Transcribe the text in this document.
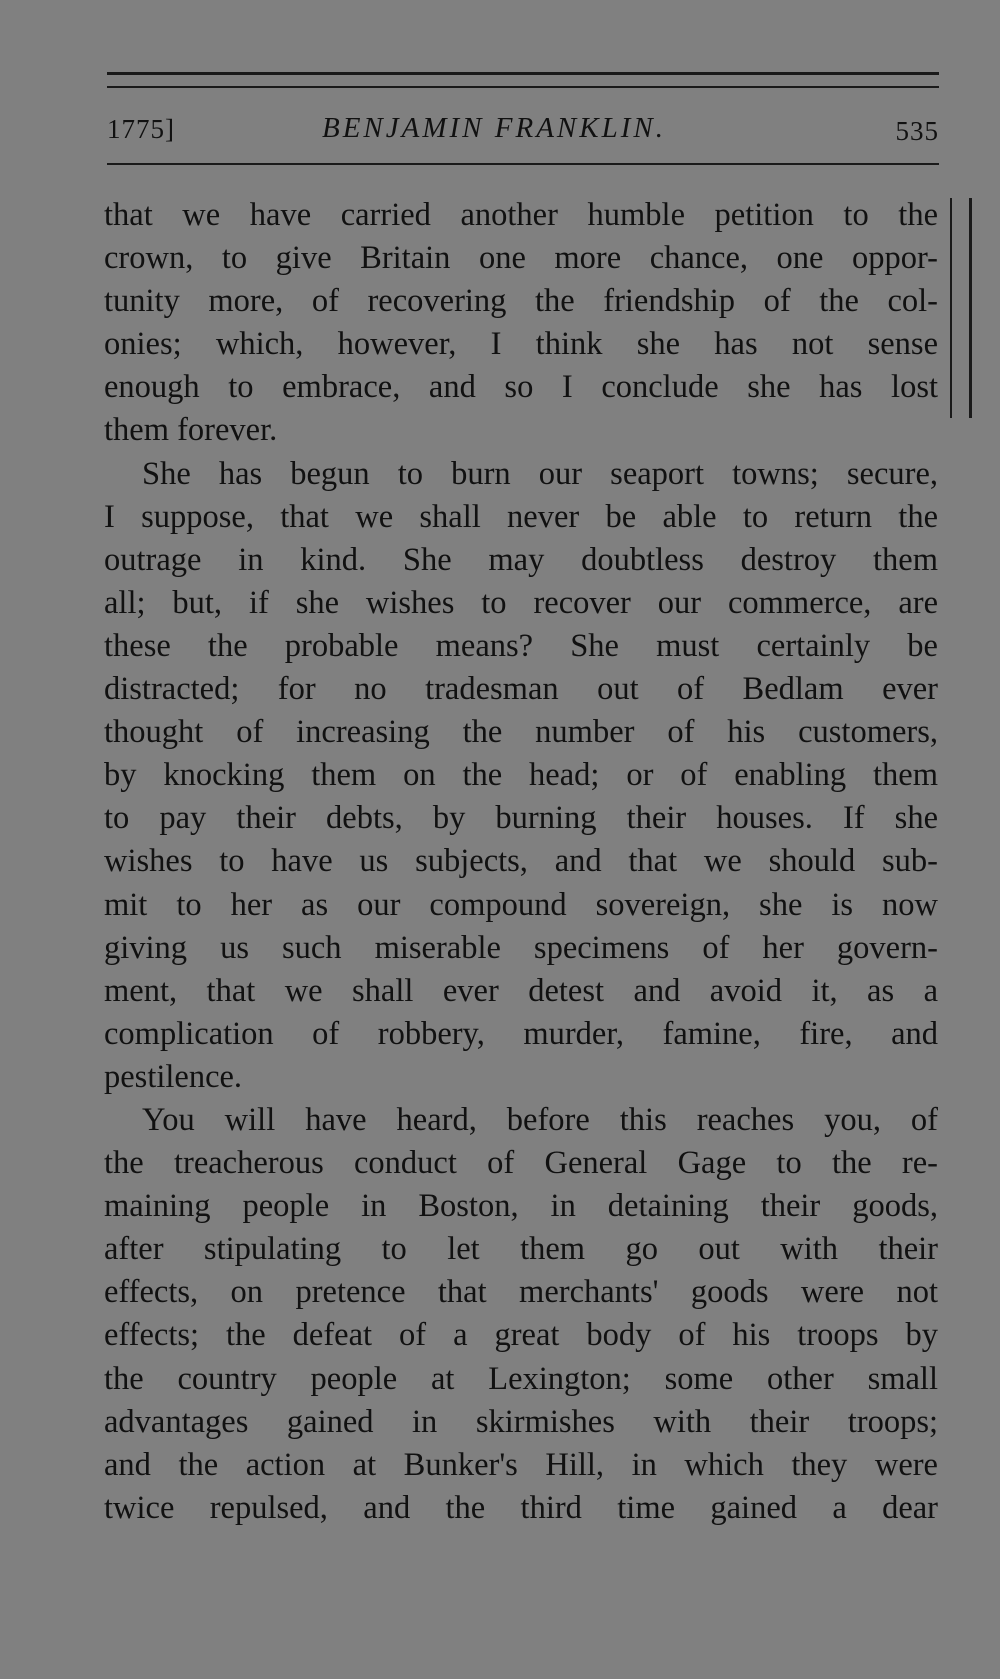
1775]	BENJAMIN FRANKLIN.	535
that we have carried another humble petition to the
crown, to give Britain one more chance, one oppor-
tunity more, of recovering the friendship of the col-
onies; which, however, I think she has not sense
enough to embrace, and so I conclude she has lost
them forever.
She has begun to burn our seaport towns; secure,
I suppose, that we shall never be able to return the
outrage in kind. She may doubtless destroy them
all; but, if she wishes to recover our commerce, are
these the probable means? She must certainly be
distracted; for no tradesman out of Bedlam ever
thought of increasing the number of his customers,
by knocking them on the head; or of enabling them
to pay their debts, by burning their houses. If she
wishes to have us subjects, and that we should sub-
mit to her as our compound sovereign, she is now
giving us such miserable specimens of her govern-
ment, that we shall ever detest and avoid it, as a
complication of robbery, murder, famine, fire, and
pestilence.
You will have heard, before this reaches you, of
the treacherous conduct of General Gage to the re-
maining people in Boston, in detaining their goods,
after stipulating to let them go out with their
effects, on pretence that merchants' goods were not
effects; the defeat of a great body of his troops by
the country people at Lexington; some other small
advantages gained in skirmishes with their troops;
and the action at Bunker's Hill, in which they were
twice repulsed, and the third time gained a dear
